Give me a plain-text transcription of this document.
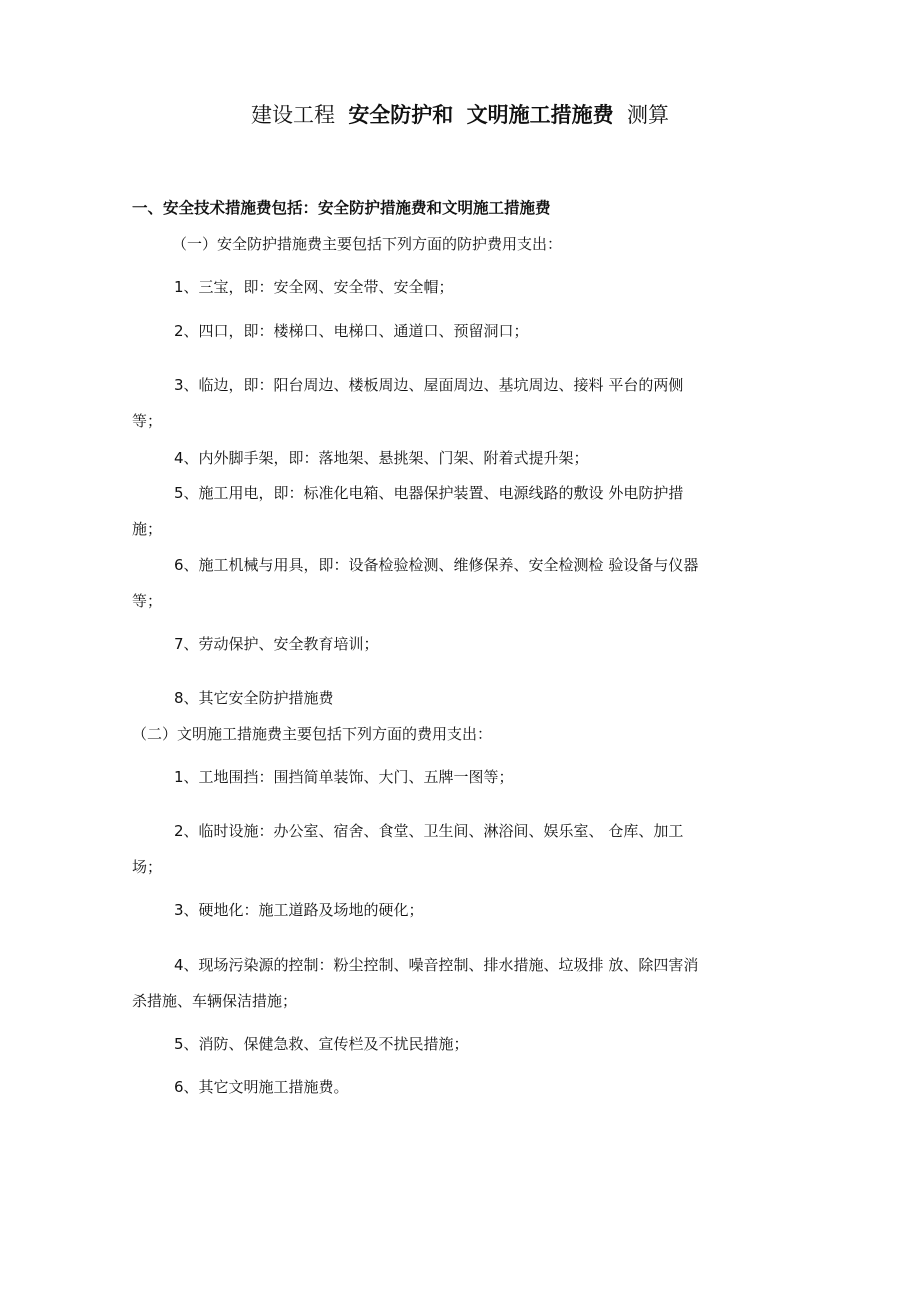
建设工程 安全防护和 文明施工措施费 测算
一、安全技术措施费包括：安全防护措施费和文明施工措施费
（一）安全防护措施费主要包括下列方面的防护费用支出：
1、三宝，即：安全网、安全带、安全帽；
2、四口，即：楼梯口、电梯口、通道口、预留洞口；
3、临边，即：阳台周边、楼板周边、屋面周边、基坑周边、接料 平台的两侧
等；
4、内外脚手架，即：落地架、悬挑架、门架、附着式提升架；
5、施工用电，即：标准化电箱、电器保护装置、电源线路的敷设 外电防护措
施；
6、施工机械与用具，即：设备检验检测、维修保养、安全检测检 验设备与仪器
等；
7、劳动保护、安全教育培训；
8、其它安全防护措施费
（二）文明施工措施费主要包括下列方面的费用支出：
1、工地围挡：围挡简单装饰、大门、五牌一图等；
2、临时设施：办公室、宿舍、食堂、卫生间、淋浴间、娱乐室、 仓库、加工
场；
3、硬地化：施工道路及场地的硬化；
4、现场污染源的控制：粉尘控制、噪音控制、排水措施、垃圾排 放、除四害消
杀措施、车辆保洁措施；
5、消防、保健急救、宣传栏及不扰民措施；
6、其它文明施工措施费。
